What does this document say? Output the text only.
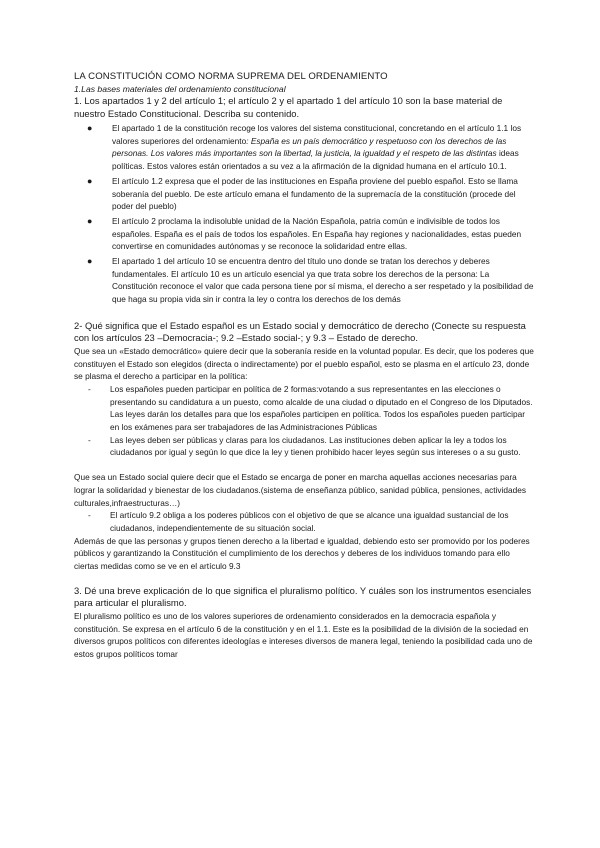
LA CONSTITUCIÓN COMO NORMA SUPREMA DEL ORDENAMIENTO

1.Las bases materiales del ordenamiento constitucional

1. Los apartados 1 y 2 del artículo 1; el artículo 2 y el apartado 1 del artículo 10 son la base material de nuestro Estado Constitucional. Describa su contenido.

● El apartado 1 de la constitución recoge los valores del sistema constitucional, concretando en el artículo 1.1 los valores superiores del ordenamiento: España es un país democrático y respetuoso con los derechos de las personas. Los valores más importantes son la libertad, la justicia, la igualdad y el respeto de las distintas ideas políticas. Estos valores están orientados a su vez a la afirmación de la dignidad humana en el artículo 10.1.
● El artículo 1.2 expresa que el poder de las instituciones en España proviene del pueblo español. Esto se llama soberanía del pueblo. De este artículo emana el fundamento de la supremacía de la constitución (procede del poder del pueblo)
● El artículo 2 proclama la indisoluble unidad de la Nación Española, patria común e indivisible de todos los españoles. España es el país de todos los españoles. En España hay regiones y nacionalidades, estas pueden convertirse en comunidades autónomas y se reconoce la solidaridad entre ellas.
● El apartado 1 del artículo 10 se encuentra dentro del título uno donde se tratan los derechos y deberes fundamentales. El artículo 10 es un artículo esencial ya que trata sobre los derechos de la persona: La Constitución reconoce el valor que cada persona tiene por sí misma, el derecho a ser respetado y la posibilidad de que haga su propia vida sin ir contra la ley o contra los derechos de los demás

2- Qué significa que el Estado español es un Estado social y democrático de derecho (Conecte su respuesta con los artículos 23 –Democracia-; 9.2 –Estado social-; y 9.3 – Estado de derecho.

Que sea un «Estado democrático» quiere decir que la soberanía reside en la voluntad popular. Es decir, que los poderes que constituyen el Estado son elegidos (directa o indirectamente) por el pueblo español, esto se plasma en el artículo 23, donde se plasma el derecho a participar en la política:

- Los españoles pueden participar en política de 2 formas:votando a sus representantes en las elecciones o presentando su candidatura a un puesto, como alcalde de una ciudad o diputado en el Congreso de los Diputados. Las leyes darán los detalles para que los españoles participen en política. Todos los españoles pueden participar en los exámenes para ser trabajadores de las Administraciones Públicas
- Las leyes deben ser públicas y claras para los ciudadanos. Las instituciones deben aplicar la ley a todos los ciudadanos por igual y según lo que dice la ley y tienen prohibido hacer leyes según sus intereses o a su gusto.

Que sea un Estado social quiere decir que el Estado se encarga de poner en marcha aquellas acciones necesarias para lograr la solidaridad y bienestar de los ciudadanos.(sistema de enseñanza público, sanidad pública, pensiones, actividades culturales,infraestructuras…)

- El artículo 9.2 obliga a los poderes públicos con el objetivo de que se alcance una igualdad sustancial de los ciudadanos, independientemente de su situación social.

Además de que las personas y grupos tienen derecho a la libertad e igualdad, debiendo esto ser promovido por los poderes públicos y garantizando la Constitución el cumplimiento de los derechos y deberes de los individuos tomando para ello ciertas medidas como se ve en el artículo 9.3

3. Dé una breve explicación de lo que significa el pluralismo político. Y cuáles son los instrumentos esenciales para articular el pluralismo.

El pluralismo político es uno de los valores superiores de ordenamiento considerados en la democracia española y constitución. Se expresa en el artículo 6 de la constitución y en el 1.1. Este es la posibilidad de la división de la sociedad en diversos grupos políticos con diferentes ideologías e intereses diversos de manera legal, teniendo la posibilidad cada uno de estos grupos políticos tomar
